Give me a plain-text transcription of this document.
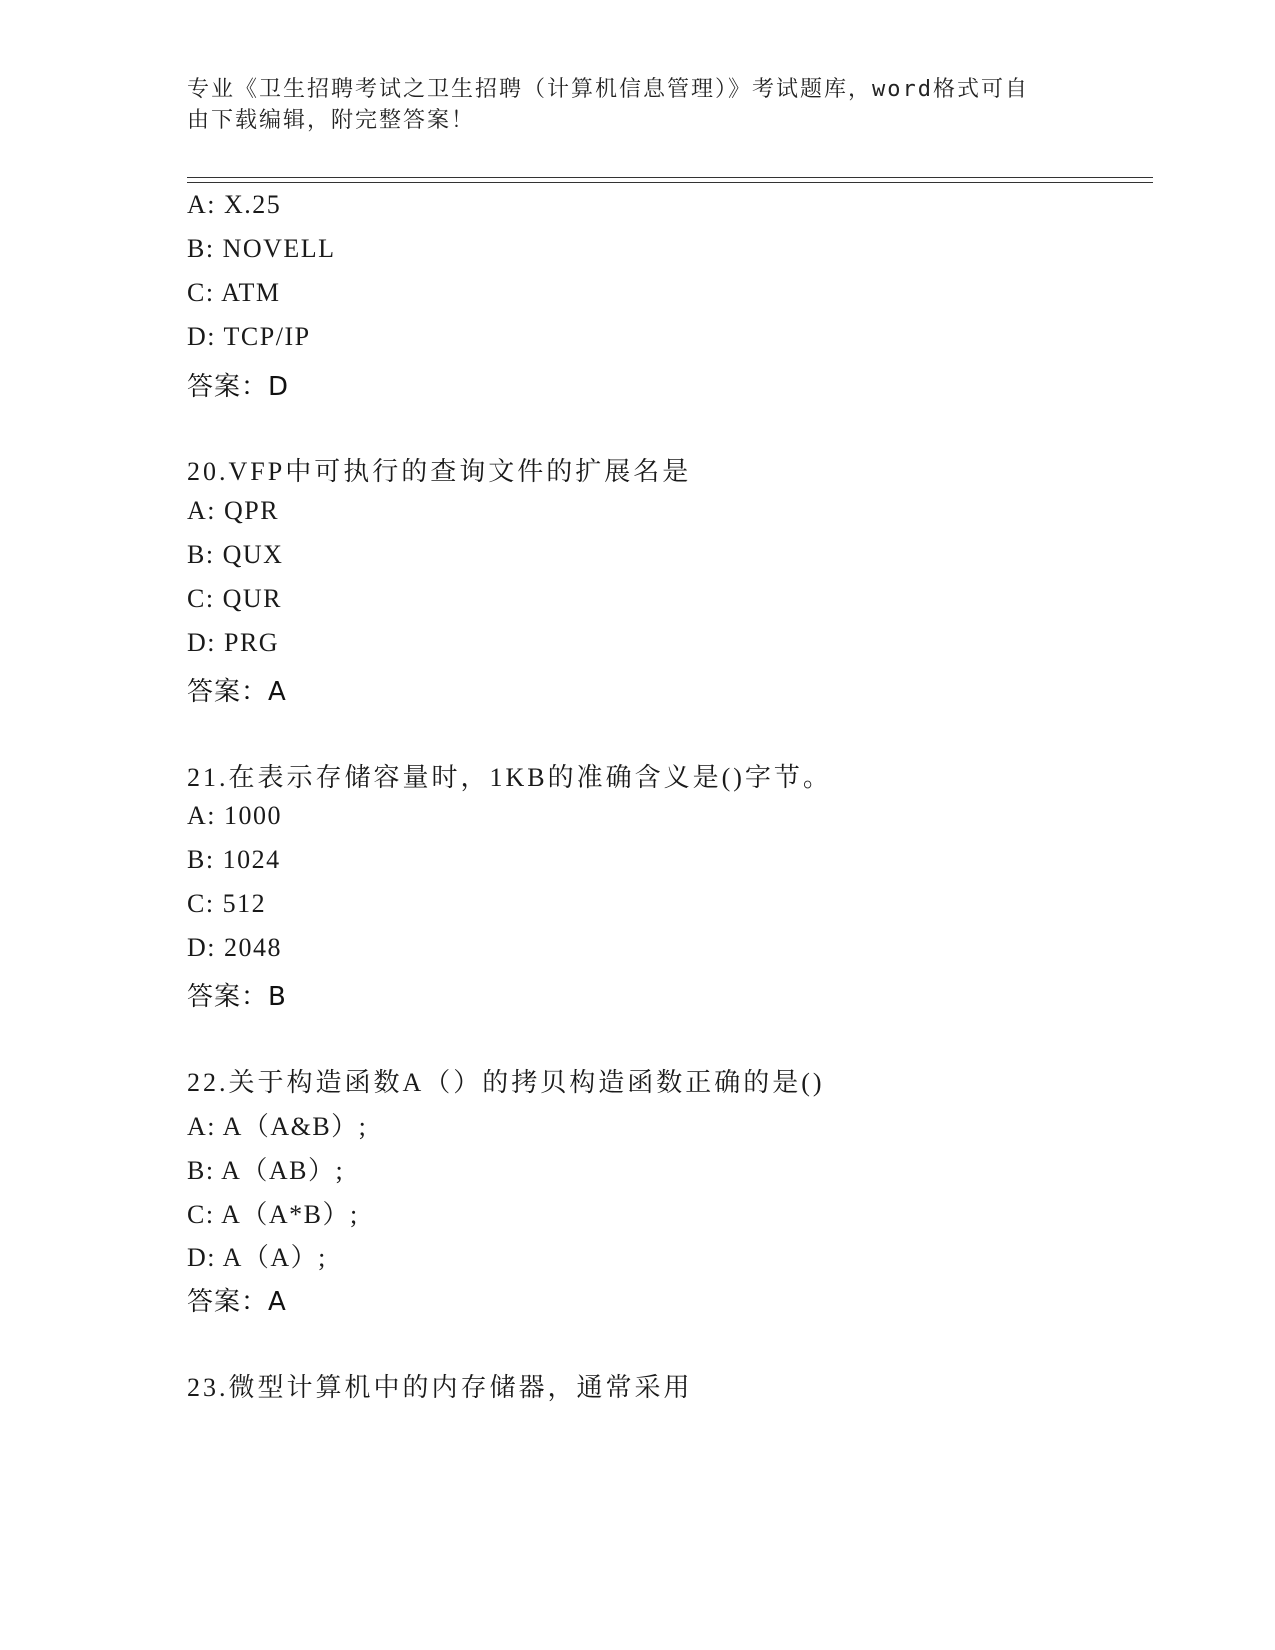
专业《卫生招聘考试之卫生招聘（计算机信息管理）》考试题库，word格式可自
由下载编辑，附完整答案！
A: X.25
B: NOVELL
C: ATM
D: TCP/IP
答案：D
20.VFP中可执行的查询文件的扩展名是
A: QPR
B: QUX
C: QUR
D: PRG
答案：A
21.在表示存储容量时，1KB的准确含义是()字节。
A: 1000
B: 1024
C: 512
D: 2048
答案：B
22.关于构造函数A（）的拷贝构造函数正确的是()
A: A（A&B）;
B: A（AB）;
C: A（A*B）;
D: A（A）;
答案：A
23.微型计算机中的内存储器，通常采用
